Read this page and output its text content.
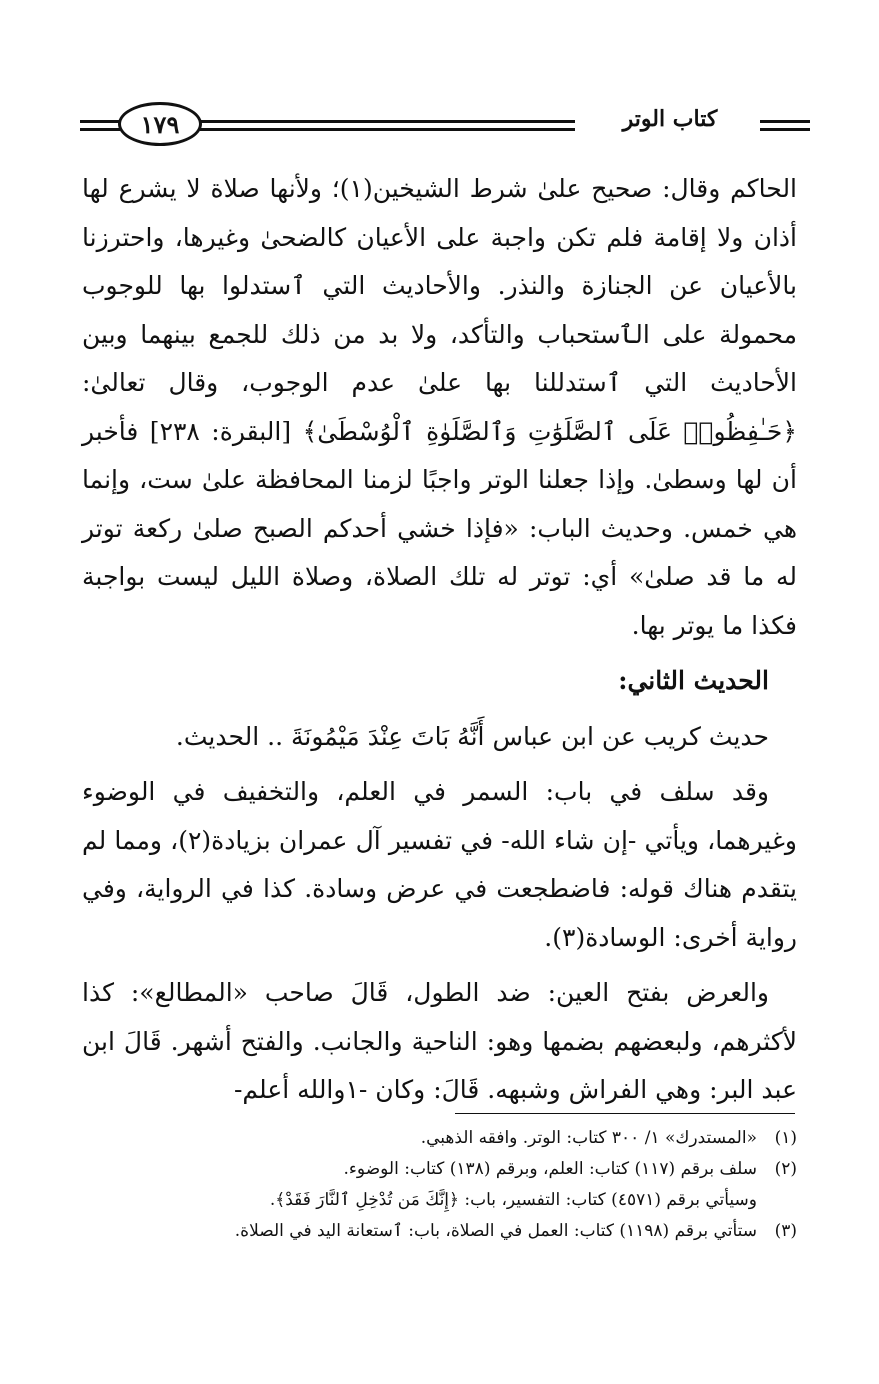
١٧٩	كتاب الوتر

الحاكم وقال: صحيح علىٰ شرط الشيخين(١)؛ ولأنها صلاة لا يشرع لها أذان ولا إقامة فلم تكن واجبة على الأعيان كالضحىٰ وغيرها، واحترزنا بالأعيان عن الجنازة والنذر. والأحاديث التي ٱستدلوا بها للوجوب محمولة على الٱستحباب والتأكد، ولا بد من ذلك للجمع بينهما وبين الأحاديث التي ٱستدللنا بها علىٰ عدم الوجوب، وقال تعالىٰ: ﴿حَـٰفِظُوا۟ عَلَى ٱلصَّلَوَٰتِ وَٱلصَّلَوٰةِ ٱلْوُسْطَىٰ﴾ [البقرة: ٢٣٨] فأخبر أن لها وسطىٰ. وإذا جعلنا الوتر واجبًا لزمنا المحافظة علىٰ ست، وإنما هي خمس. وحديث الباب: «فإذا خشي أحدكم الصبح صلىٰ ركعة توتر له ما قد صلىٰ» أي: توتر له تلك الصلاة، وصلاة الليل ليست بواجبة فكذا ما يوتر بها.

الحديث الثاني:

حديث كريب عن ابن عباس أَنَّهُ بَاتَ عِنْدَ مَيْمُونَةَ .. الحديث.

وقد سلف في باب: السمر في العلم، والتخفيف في الوضوء وغيرهما، ويأتي -إن شاء الله- في تفسير آل عمران بزيادة(٢)، ومما لم يتقدم هناك قوله: فاضطجعت في عرض وسادة. كذا في الرواية، وفي رواية أخرى: الوسادة(٣).

والعرض بفتح العين: ضد الطول، قَالَ صاحب «المطالع»: كذا لأكثرهم، ولبعضهم بضمها وهو: الناحية والجانب. والفتح أشهر. قَالَ ابن عبد البر: وهي الفراش وشبهه. قَالَ: وكان -١والله أعلم-

(١)«المستدرك» ١/ ٣٠٠ كتاب: الوتر. وافقه الذهبي.

(٢)سلف برقم (١١٧) كتاب: العلم، وبرقم (١٣٨) كتاب: الوضوء.

وسيأتي برقم (٤٥٧١) كتاب: التفسير، باب: ﴿إِنَّكَ مَن تُدْخِلِ ٱلنَّارَ فَقَدْ﴾.

(٣)ستأتي برقم (١١٩٨) كتاب: العمل في الصلاة، باب: ٱستعانة اليد في الصلاة.
